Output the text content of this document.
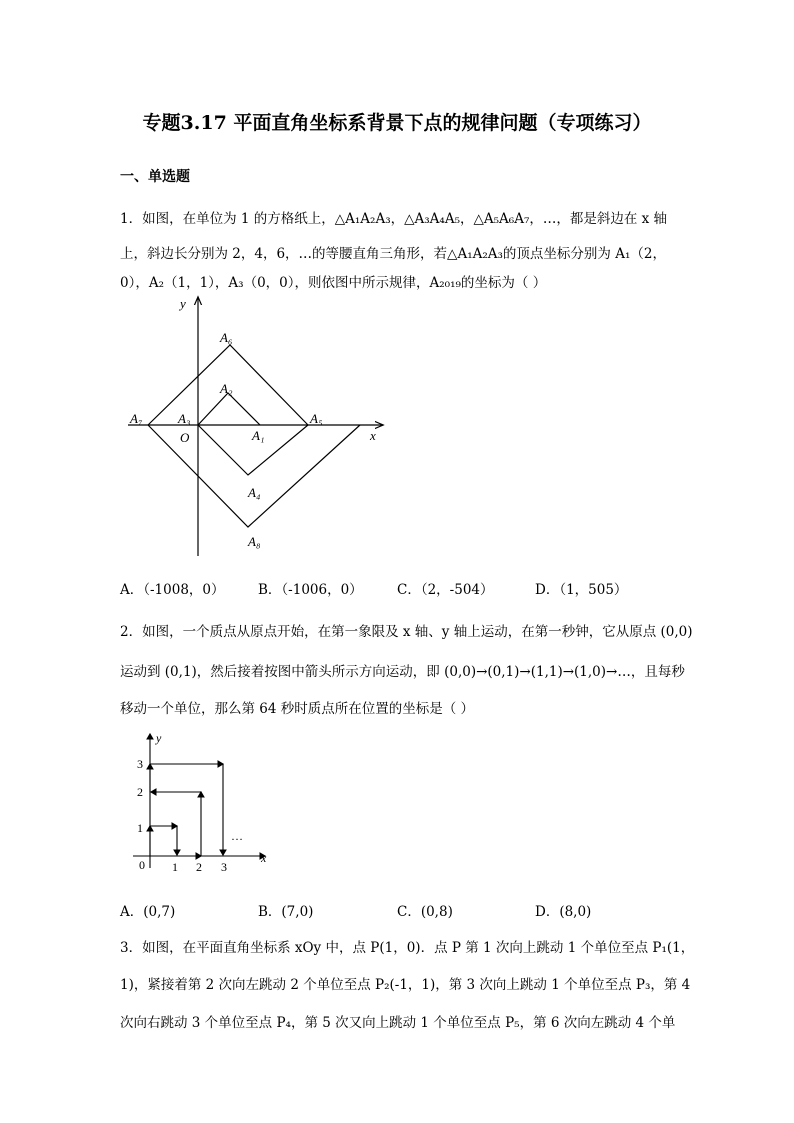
专题3.17 平面直角坐标系背景下点的规律问题（专项练习）
一、单选题
1．如图，在单位为 1 的方格纸上，△A₁A₂A₃，△A₃A₄A₅，△A₅A₆A₇，…，都是斜边在 x 轴
上，斜边长分别为 2，4，6，…的等腰直角三角形，若△A₁A₂A₃的顶点坐标分别为 A₁（2，
0），A₂（1，1），A₃（0，0），则依图中所示规律，A₂₀₁₉的坐标为（ ）
y
x
O	A₁
A₂
A₃
A₄
A₅
A₆
A₇
A₈
A．（-1008，0） B．（-1006，0）	C．（2，-504）	D．（1，505）
2．如图，一个质点从原点开始，在第一象限及 x 轴、y 轴上运动，在第一秒钟，它从原点 (0,0)
运动到 (0,1)，然后接着按图中箭头所示方向运动，即 (0,0)→(0,1)→(1,1)→(1,0)→…，且每秒
移动一个单位，那么第 64 秒时质点所在位置的坐标是（ ）
y
x
0 1 2 3
1
2
3
…
A．(0,7)	B．(7,0)	C．(0,8)	D．(8,0)
3．如图，在平面直角坐标系 xOy 中，点 P(1，0)．点 P 第 1 次向上跳动 1 个单位至点 P₁(1，
1)，紧接着第 2 次向左跳动 2 个单位至点 P₂(-1，1)，第 3 次向上跳动 1 个单位至点 P₃，第 4
次向右跳动 3 个单位至点 P₄，第 5 次又向上跳动 1 个单位至点 P₅，第 6 次向左跳动 4 个单
